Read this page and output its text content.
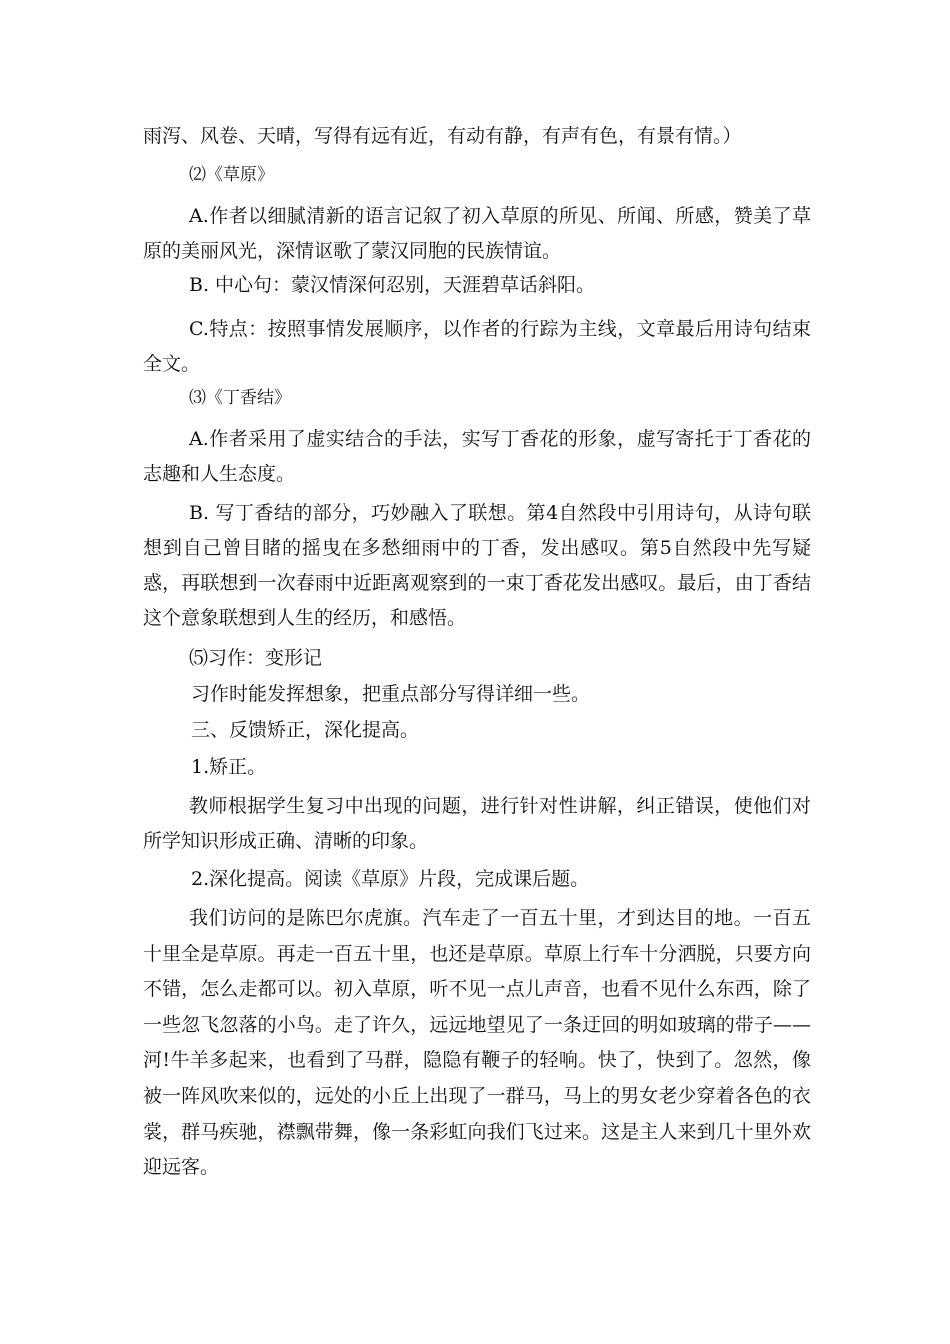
雨泻、风卷、天晴，写得有远有近，有动有静，有声有色，有景有情。）

⑵《草原》

A.作者以细腻清新的语言记叙了初入草原的所见、所闻、所感，赞美了草原的美丽风光，深情讴歌了蒙汉同胞的民族情谊。

B. 中心句：蒙汉情深何忍别，天涯碧草话斜阳。

C.特点：按照事情发展顺序，以作者的行踪为主线，文章最后用诗句结束全文。

⑶《丁香结》

A.作者采用了虚实结合的手法，实写丁香花的形象，虚写寄托于丁香花的志趣和人生态度。

B. 写丁香结的部分，巧妙融入了联想。第4自然段中引用诗句，从诗句联想到自己曾目睹的摇曳在多愁细雨中的丁香，发出感叹。第5自然段中先写疑惑，再联想到一次春雨中近距离观察到的一束丁香花发出感叹。最后，由丁香结这个意象联想到人生的经历，和感悟。

⑸习作：变形记

习作时能发挥想象，把重点部分写得详细一些。

三、反馈矫正，深化提高。

1.矫正。

教师根据学生复习中出现的问题，进行针对性讲解，纠正错误，使他们对所学知识形成正确、清晰的印象。

2.深化提高。阅读《草原》片段，完成课后题。

我们访问的是陈巴尔虎旗。汽车走了一百五十里，才到达目的地。一百五十里全是草原。再走一百五十里，也还是草原。草原上行车十分洒脱，只要方向不错，怎么走都可以。初入草原，听不见一点儿声音，也看不见什么东西，除了一些忽飞忽落的小鸟。走了许久，远远地望见了一条迂回的明如玻璃的带子——河!牛羊多起来，也看到了马群，隐隐有鞭子的轻响。快了，快到了。忽然，像被一阵风吹来似的，远处的小丘上出现了一群马，马上的男女老少穿着各色的衣裳，群马疾驰，襟飘带舞，像一条彩虹向我们飞过来。这是主人来到几十里外欢迎远客。
